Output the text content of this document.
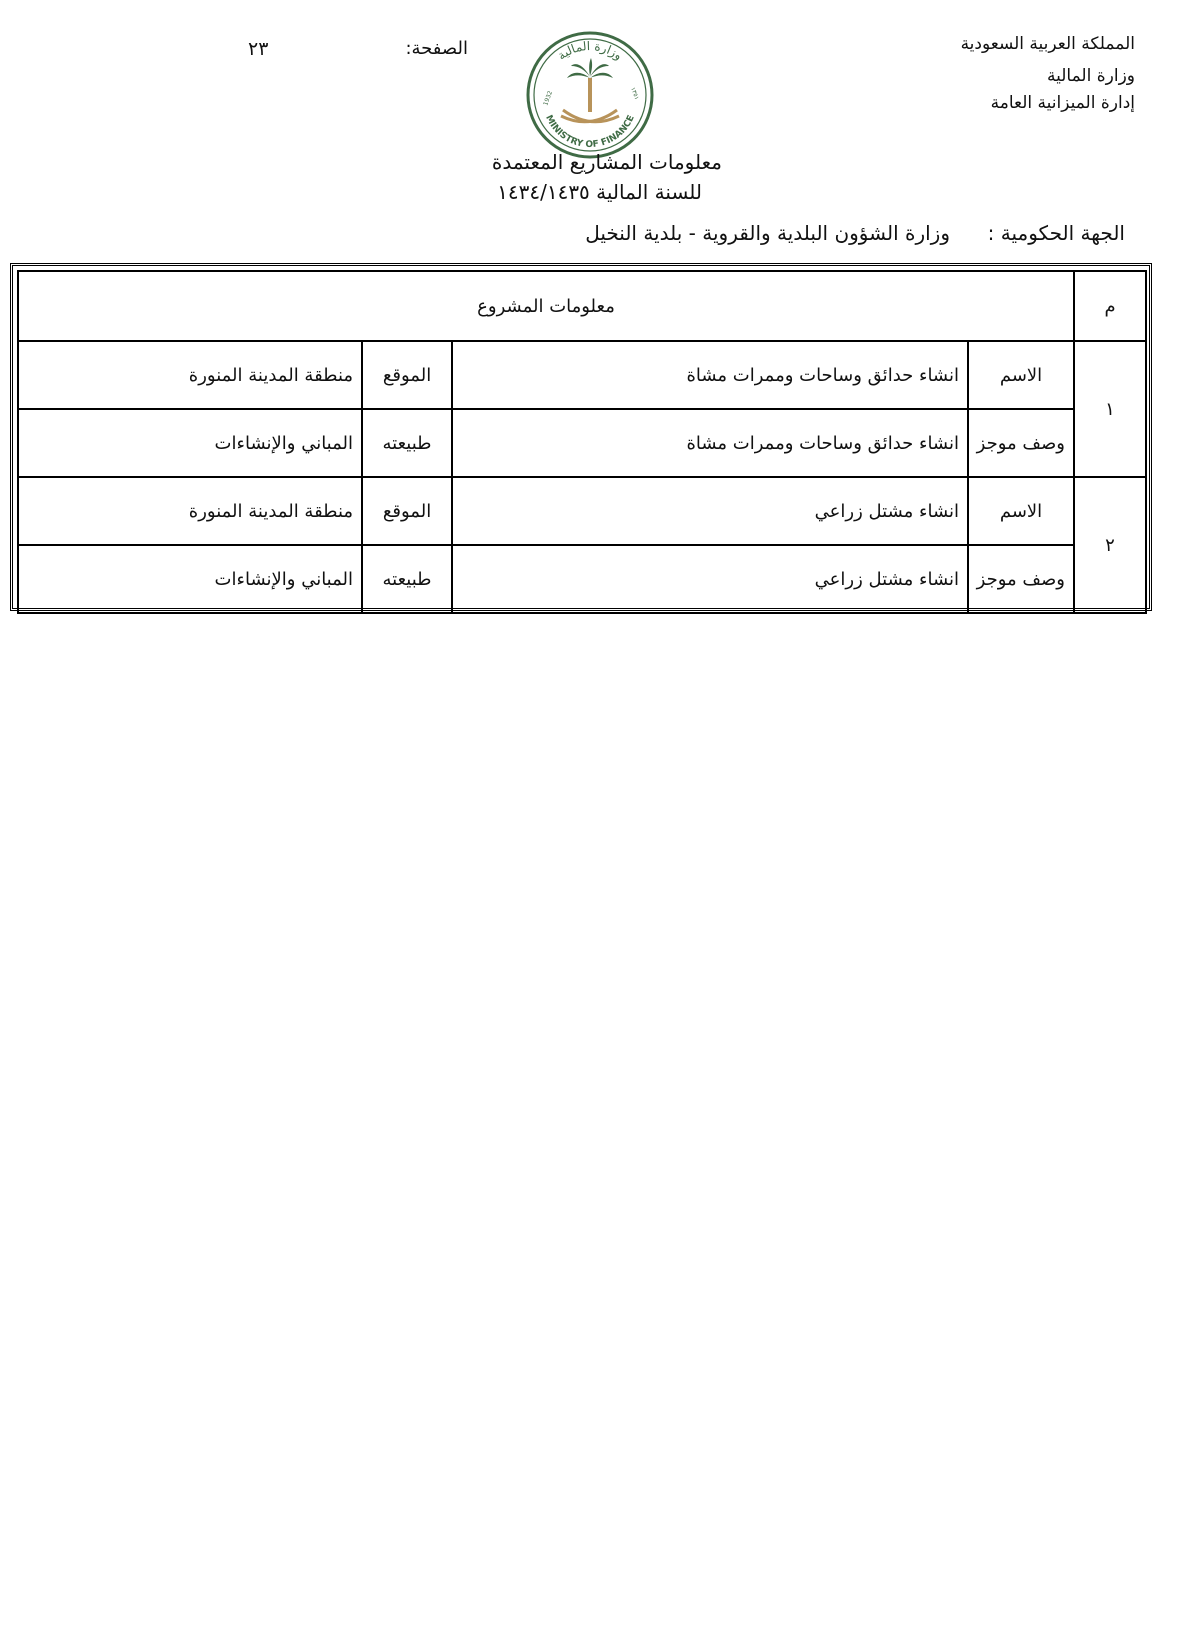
المملكة العربية السعودية
وزارة المالية
إدارة الميزانية العامة
الصفحة:
٢٣	وزارة المالية
MINISTRY OF FINANCE
1932	١٣٥١
معلومات المشاريع المعتمدة
للسنة المالية ١٤٣٤/١٤٣٥
الجهة الحكومية :
وزارة الشؤون البلدية والقروية - بلدية النخيل
م	معلومات المشروع			
١	الاسم	انشاء حدائق وساحات وممرات مشاة	الموقع	منطقة المدينة المنورة
	وصف موجز	انشاء حدائق وساحات وممرات مشاة	طبيعته	المباني والإنشاءات
٢	الاسم	انشاء مشتل زراعي	الموقع	منطقة المدينة المنورة
	وصف موجز	انشاء مشتل زراعي	طبيعته	المباني والإنشاءات
